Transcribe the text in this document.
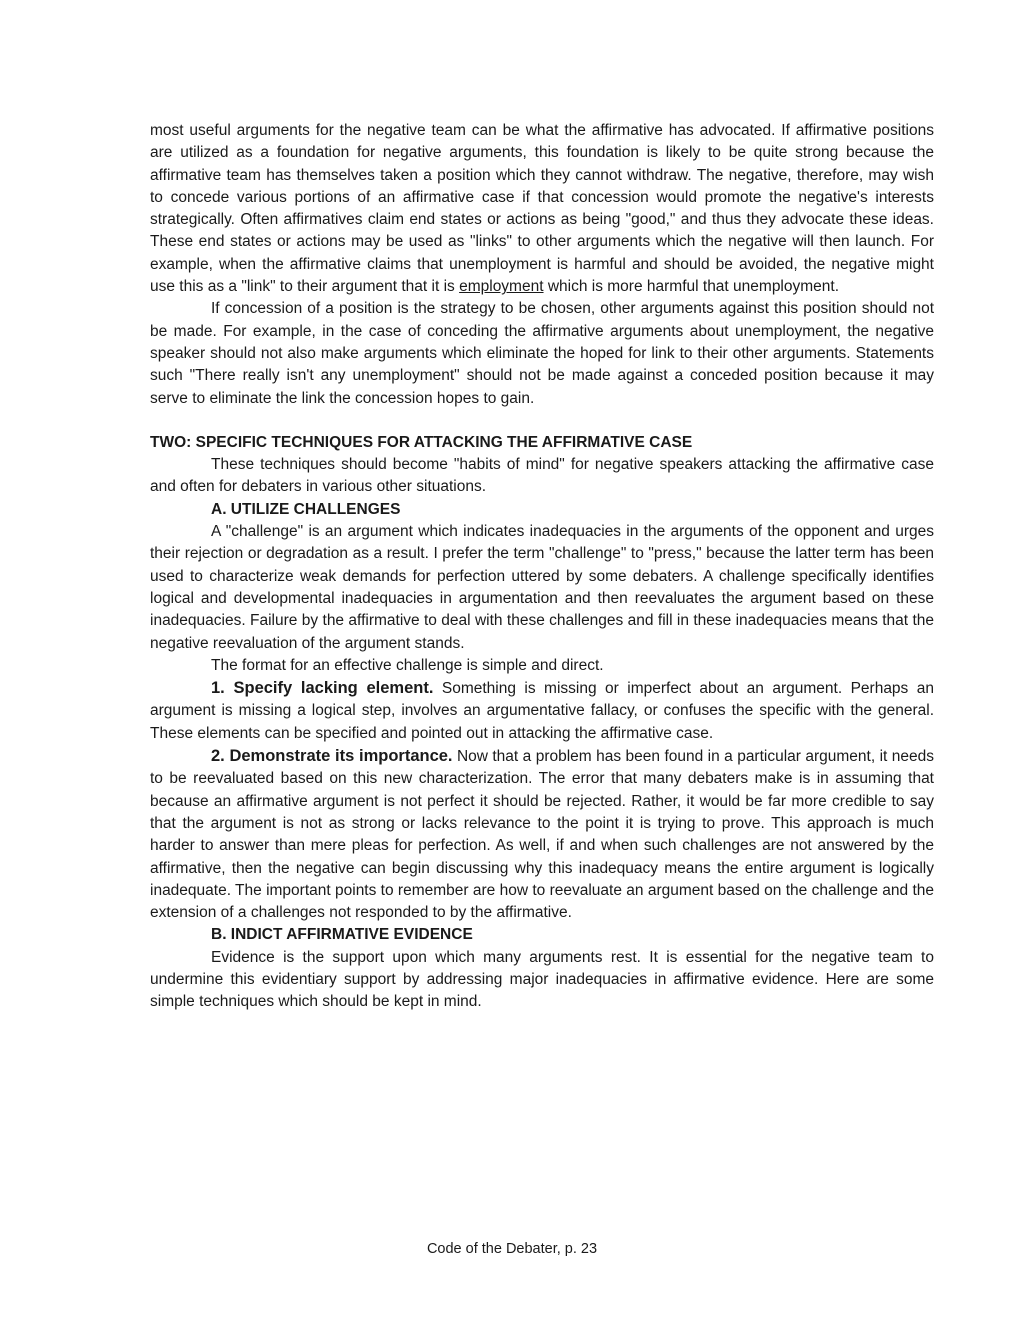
most useful arguments for the negative team can be what the affirmative has advocated. If affirmative positions are utilized as a foundation for negative arguments, this foundation is likely to be quite strong because the affirmative team has themselves taken a position which they cannot withdraw. The negative, therefore, may wish to concede various portions of an affirmative case if that concession would promote the negative's interests strategically. Often affirmatives claim end states or actions as being "good," and thus they advocate these ideas. These end states or actions may be used as "links" to other arguments which the negative will then launch. For example, when the affirmative claims that unemployment is harmful and should be avoided, the negative might use this as a "link" to their argument that it is employment which is more harmful that unemployment.

If concession of a position is the strategy to be chosen, other arguments against this position should not be made. For example, in the case of conceding the affirmative arguments about unemployment, the negative speaker should not also make arguments which eliminate the hoped for link to their other arguments. Statements such "There really isn't any unemployment" should not be made against a conceded position because it may serve to eliminate the link the concession hopes to gain.

TWO: SPECIFIC TECHNIQUES FOR ATTACKING THE AFFIRMATIVE CASE

These techniques should become "habits of mind" for negative speakers attacking the affirmative case and often for debaters in various other situations.

A. UTILIZE CHALLENGES

A "challenge" is an argument which indicates inadequacies in the arguments of the opponent and urges their rejection or degradation as a result. I prefer the term "challenge" to "press," because the latter term has been used to characterize weak demands for perfection uttered by some debaters. A challenge specifically identifies logical and developmental inadequacies in argumentation and then reevaluates the argument based on these inadequacies. Failure by the affirmative to deal with these challenges and fill in these inadequacies means that the negative reevaluation of the argument stands.

The format for an effective challenge is simple and direct.

1. Specify lacking element. Something is missing or imperfect about an argument. Perhaps an argument is missing a logical step, involves an argumentative fallacy, or confuses the specific with the general. These elements can be specified and pointed out in attacking the affirmative case.

2. Demonstrate its importance. Now that a problem has been found in a particular argument, it needs to be reevaluated based on this new characterization. The error that many debaters make is in assuming that because an affirmative argument is not perfect it should be rejected. Rather, it would be far more credible to say that the argument is not as strong or lacks relevance to the point it is trying to prove. This approach is much harder to answer than mere pleas for perfection. As well, if and when such challenges are not answered by the affirmative, then the negative can begin discussing why this inadequacy means the entire argument is logically inadequate. The important points to remember are how to reevaluate an argument based on the challenge and the extension of a challenges not responded to by the affirmative.

B. INDICT AFFIRMATIVE EVIDENCE

Evidence is the support upon which many arguments rest. It is essential for the negative team to undermine this evidentiary support by addressing major inadequacies in affirmative evidence. Here are some simple techniques which should be kept in mind.

Code of the Debater, p. 23
